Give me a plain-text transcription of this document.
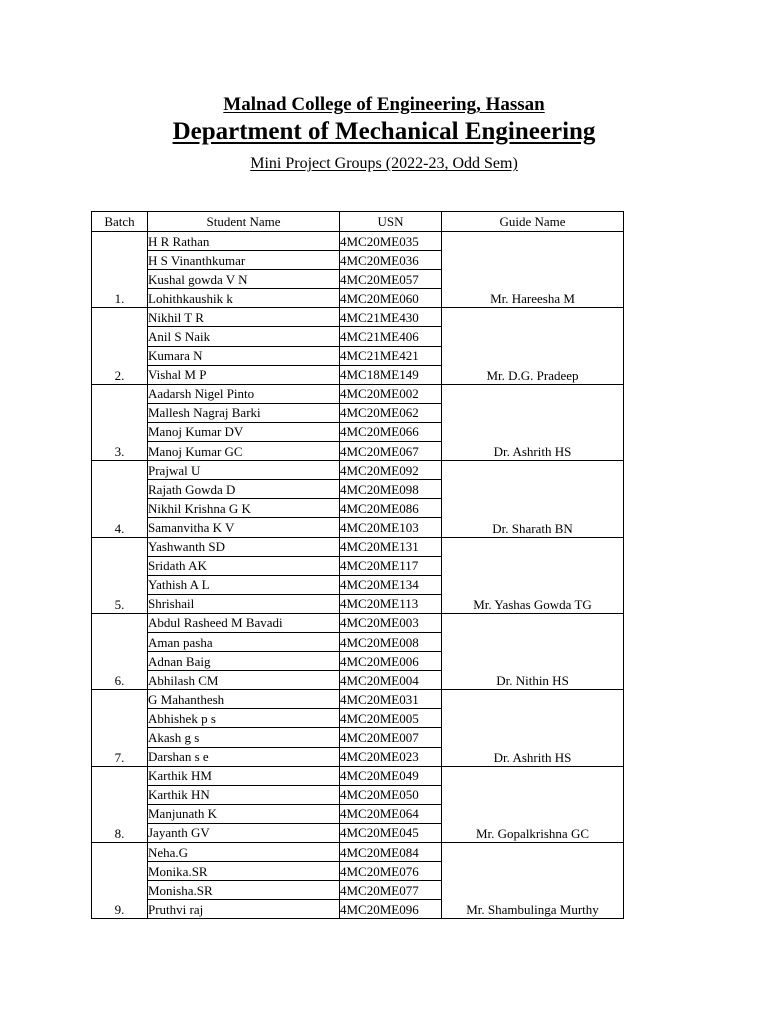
Malnad College of Engineering, Hassan
Department of Mechanical Engineering
Mini Project Groups (2022-23, Odd Sem)
Batch	Student Name	USN	Guide Name
1.	H R Rathan	4MC20ME035	Mr. Hareesha M
	H S Vinanthkumar	4MC20ME036	
	Kushal gowda V N	4MC20ME057	
	Lohithkaushik k	4MC20ME060	
2.	Nikhil T R	4MC21ME430	Mr. D.G. Pradeep
	Anil S Naik	4MC21ME406	
	Kumara N	4MC21ME421	
	Vishal M P	4MC18ME149	
3.	Aadarsh Nigel Pinto	4MC20ME002	Dr. Ashrith HS
	Mallesh Nagraj Barki	4MC20ME062	
	Manoj Kumar DV	4MC20ME066	
	Manoj Kumar GC	4MC20ME067	
4.	Prajwal U	4MC20ME092	Dr. Sharath BN
	Rajath Gowda D	4MC20ME098	
	Nikhil Krishna G K	4MC20ME086	
	Samanvitha K V	4MC20ME103	
5.	Yashwanth SD	4MC20ME131	Mr. Yashas Gowda TG
	Sridath AK	4MC20ME117	
	Yathish A L	4MC20ME134	
	Shrishail	4MC20ME113	
6.	Abdul Rasheed M Bavadi	4MC20ME003	Dr. Nithin HS
	Aman pasha	4MC20ME008	
	Adnan Baig	4MC20ME006	
	Abhilash CM	4MC20ME004	
7.	G Mahanthesh	4MC20ME031	Dr. Ashrith HS
	Abhishek p s	4MC20ME005	
	Akash g s	4MC20ME007	
	Darshan s e	4MC20ME023	
8.	Karthik HM	4MC20ME049	Mr. Gopalkrishna GC
	Karthik HN	4MC20ME050	
	Manjunath K	4MC20ME064	
	Jayanth GV	4MC20ME045	
9.	Neha.G	4MC20ME084	Mr. Shambulinga Murthy
	Monika.SR	4MC20ME076	
	Monisha.SR	4MC20ME077	
	Pruthvi raj	4MC20ME096	
